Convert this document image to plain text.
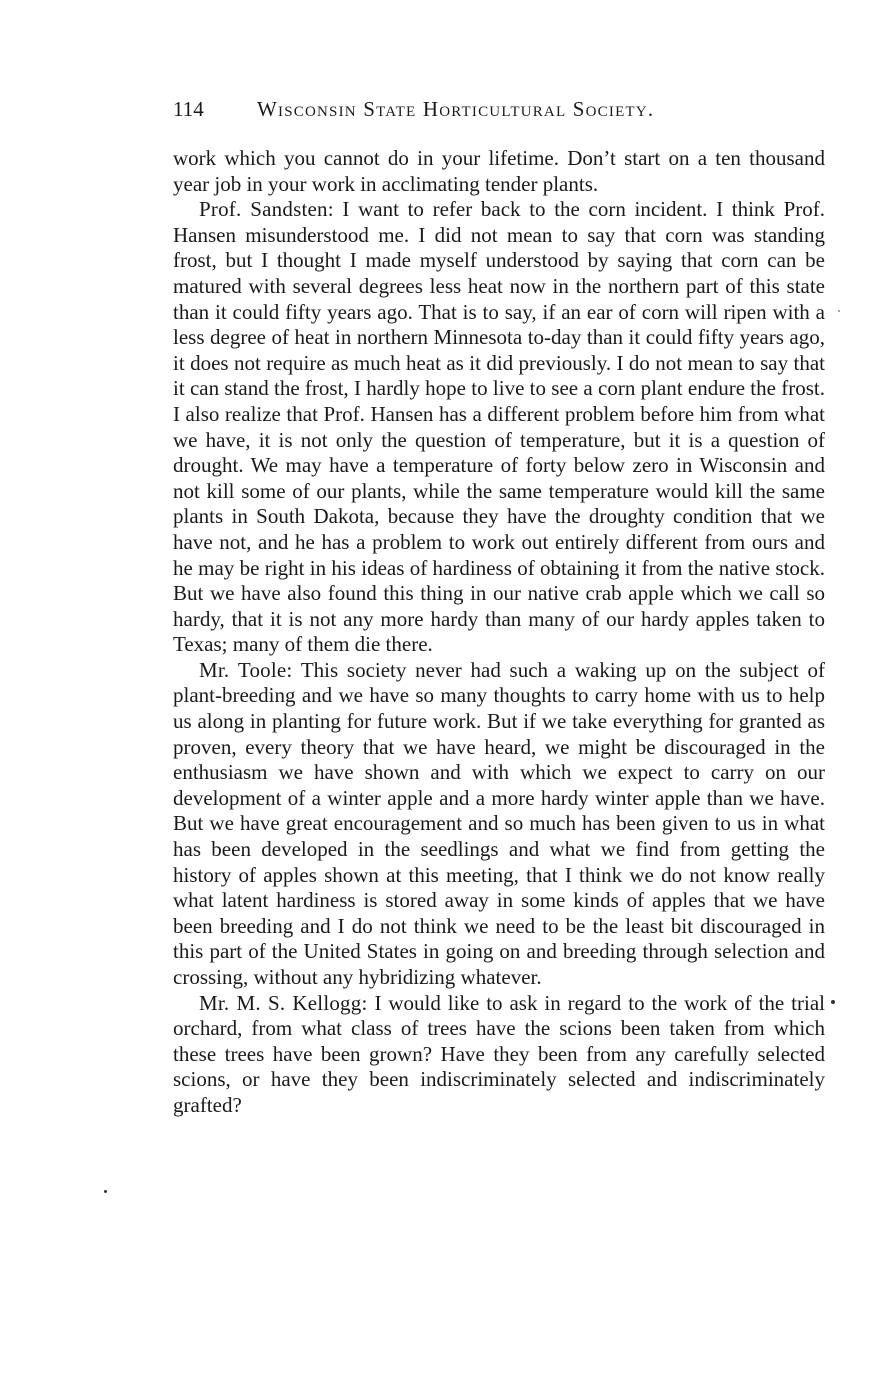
114	Wisconsin State Horticultural Society.

work which you cannot do in your lifetime. Don’t start on a ten thousand year job in your work in acclimating tender plants.

Prof. Sandsten: I want to refer back to the corn incident. I think Prof. Hansen misunderstood me. I did not mean to say that corn was standing frost, but I thought I made myself understood by saying that corn can be matured with several degrees less heat now in the northern part of this state than it could fifty years ago. That is to say, if an ear of corn will ripen with a less degree of heat in northern Minnesota to-day than it could fifty years ago, it does not require as much heat as it did previously. I do not mean to say that it can stand the frost, I hardly hope to live to see a corn plant endure the frost. I also realize that Prof. Hansen has a different problem before him from what we have, it is not only the question of temperature, but it is a question of drought. We may have a temperature of forty below zero in Wisconsin and not kill some of our plants, while the same temperature would kill the same plants in South Dakota, because they have the droughty condition that we have not, and he has a problem to work out entirely different from ours and he may be right in his ideas of hardiness of obtaining it from the native stock. But we have also found this thing in our native crab apple which we call so hardy, that it is not any more hardy than many of our hardy apples taken to Texas; many of them die there.

Mr. Toole: This society never had such a waking up on the subject of plant-breeding and we have so many thoughts to carry home with us to help us along in planting for future work. But if we take everything for granted as proven, every theory that we have heard, we might be discouraged in the enthusiasm we have shown and with which we expect to carry on our development of a winter apple and a more hardy winter apple than we have. But we have great encouragement and so much has been given to us in what has been developed in the seedlings and what we find from getting the history of apples shown at this meeting, that I think we do not know really what latent hardiness is stored away in some kinds of apples that we have been breeding and I do not think we need to be the least bit discouraged in this part of the United States in going on and breeding through selection and crossing, without any hybridizing whatever.

Mr. M. S. Kellogg: I would like to ask in regard to the work of the trial orchard, from what class of trees have the scions been taken from which these trees have been grown? Have they been from any carefully selected scions, or have they been indiscriminately selected and indiscriminately grafted?
